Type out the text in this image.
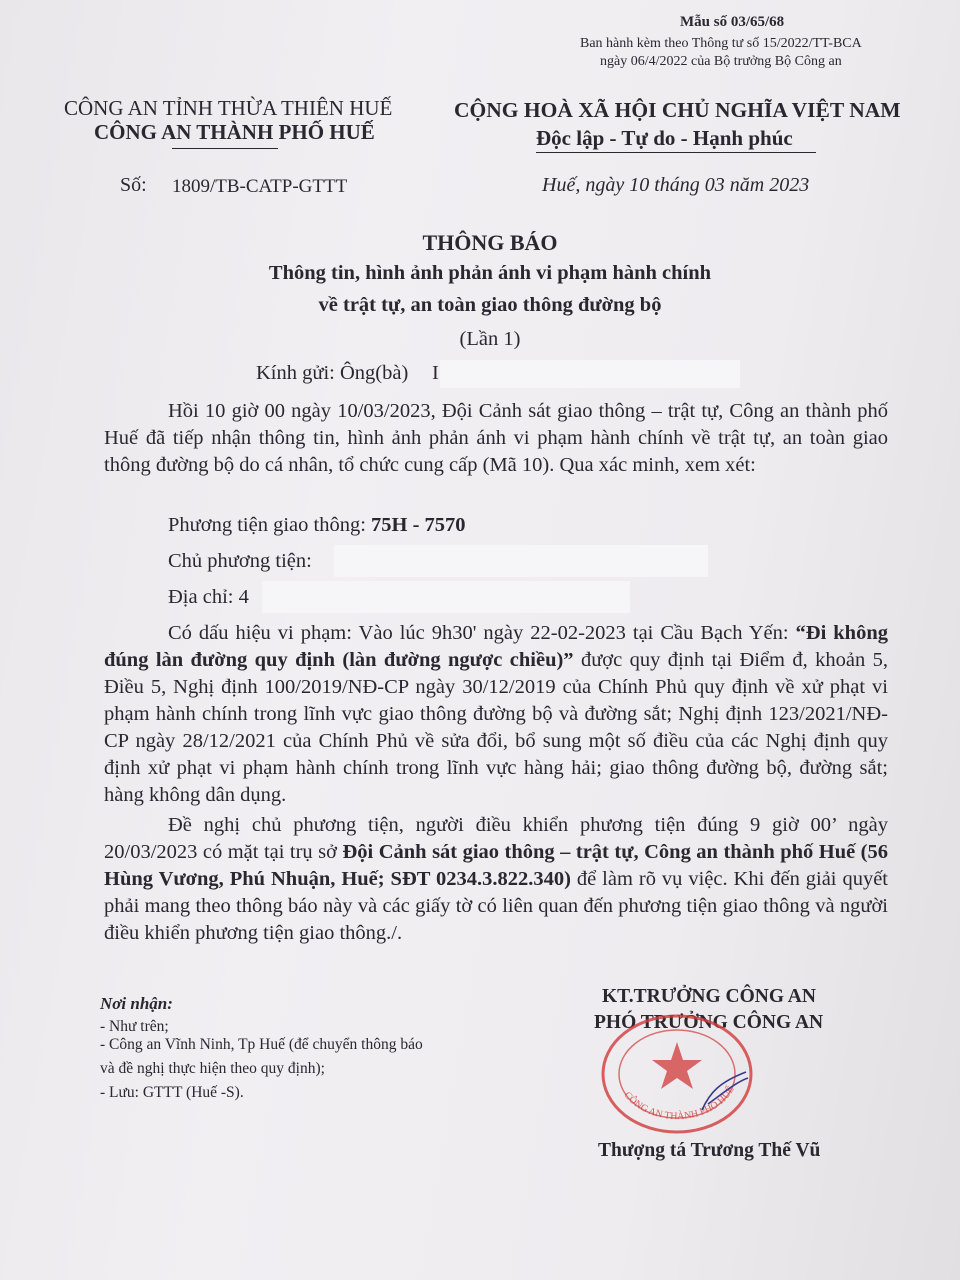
Mẫu số 03/65/68
Ban hành kèm theo Thông tư số 15/2022/TT-BCA
ngày 06/4/2022 của Bộ trưởng Bộ Công an
CÔNG AN TỈNH THỪA THIÊN HUẾ
CÔNG AN THÀNH PHỐ HUẾ
Số: 1809/TB-CATP-GTTT
CỘNG HOÀ XÃ HỘI CHỦ NGHĨA VIỆT NAM
Độc lập - Tự do - Hạnh phúc
Huế, ngày 10 tháng 03 năm 2023
THÔNG BÁO
Thông tin, hình ảnh phản ánh vi phạm hành chính
về trật tự, an toàn giao thông đường bộ
(Lần 1)
Kính gửi: Ông(bà) I
Hồi 10 giờ 00 ngày 10/03/2023, Đội Cảnh sát giao thông – trật tự, Công an thành phố Huế đã tiếp nhận thông tin, hình ảnh phản ánh vi phạm hành chính về trật tự, an toàn giao thông đường bộ do cá nhân, tổ chức cung cấp (Mã 10). Qua xác minh, xem xét:
Phương tiện giao thông: 75H - 7570
Chủ phương tiện:
Địa chỉ: 4
Có dấu hiệu vi phạm: Vào lúc 9h30' ngày 22-02-2023 tại Cầu Bạch Yến: “Đi không đúng làn đường quy định (làn đường ngược chiều)” được quy định tại Điểm đ, khoản 5, Điều 5, Nghị định 100/2019/NĐ-CP ngày 30/12/2019 của Chính Phủ quy định về xử phạt vi phạm hành chính trong lĩnh vực giao thông đường bộ và đường sắt; Nghị định 123/2021/NĐ-CP ngày 28/12/2021 của Chính Phủ về sửa đổi, bổ sung một số điều của các Nghị định quy định xử phạt vi phạm hành chính trong lĩnh vực hàng hải; giao thông đường bộ, đường sắt; hàng không dân dụng.
Đề nghị chủ phương tiện, người điều khiển phương tiện đúng 9 giờ 00’ ngày 20/03/2023 có mặt tại trụ sở Đội Cảnh sát giao thông – trật tự, Công an thành phố Huế (56 Hùng Vương, Phú Nhuận, Huế; SĐT 0234.3.822.340) để làm rõ vụ việc. Khi đến giải quyết phải mang theo thông báo này và các giấy tờ có liên quan đến phương tiện giao thông và người điều khiển phương tiện giao thông./.
Nơi nhận:
- Như trên;
- Công an Vĩnh Ninh, Tp Huế (để chuyển thông báo
và đề nghị thực hiện theo quy định);
- Lưu: GTTT (Huế -S).
KT.TRƯỞNG CÔNG AN
PHÓ TRƯỞNG CÔNG AN
CÔNG AN THÀNH PHỐ HUẾ
Thượng tá Trương Thế Vũ
